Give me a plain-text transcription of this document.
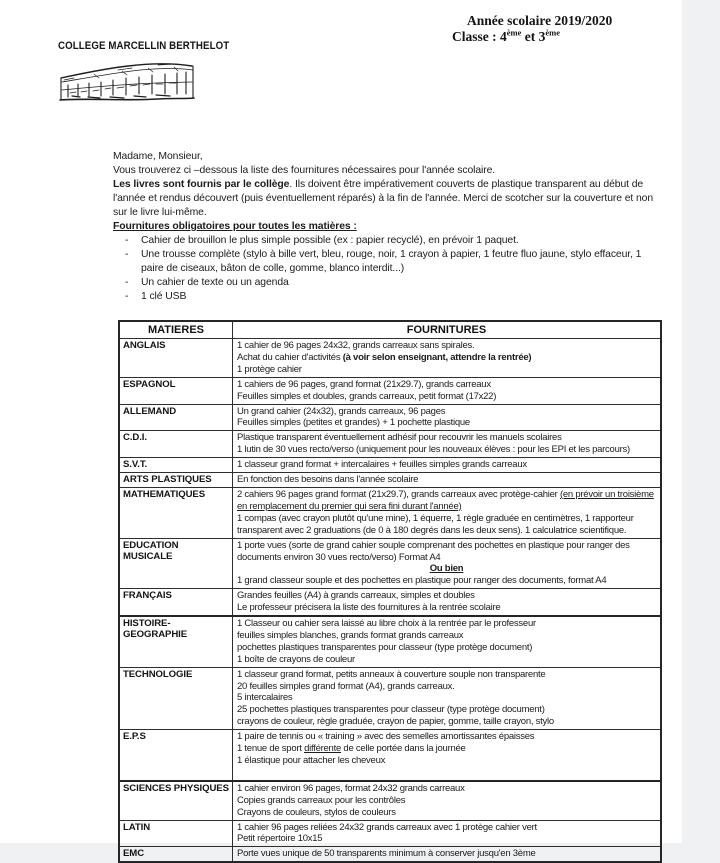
Année scolaire 2019/2020
Classe : 4ème et 3ème
COLLEGE MARCELLIN BERTHELOT

Madame, Monsieur,

Vous trouverez ci –dessous la liste des fournitures nécessaires pour l'année scolaire.

Les livres sont fournis par le collège. Ils doivent être impérativement couverts de plastique transparent au début de l'année et rendus découvert (puis éventuellement réparés) à la fin de l'année. Merci de scotcher sur la couverture et non sur le livre lui-même.

Fournitures obligatoires pour toutes les matières :

-	Cahier de brouillon le plus simple possible (ex : papier recyclé), en prévoir 1 paquet.
-	Une trousse complète (stylo à bille vert, bleu, rouge, noir, 1 crayon à papier, 1 feutre fluo jaune, stylo effaceur, 1 paire de ciseaux, bâton de colle, gomme, blanco interdit...)
-	Un cahier de texte ou un agenda
-	1 clé USB
MATIERES	FOURNITURES
ANGLAIS	1 cahier de 96 pages 24x32, grands carreaux sans spirales.
Achat du cahier d'activités (à voir selon enseignant, attendre la rentrée)
1 protège cahier

ESPAGNOL	1 cahiers de 96 pages, grand format (21x29.7), grands carreaux
Feuilles simples et doubles, grands carreaux, petit format (17x22)

ALLEMAND	Un grand cahier (24x32), grands carreaux, 96 pages
Feuilles simples (petites et grandes) + 1 pochette plastique

C.D.I.	Plastique transparent éventuellement adhésif pour recouvrir les manuels scolaires
1 lutin de 30 vues recto/verso (uniquement pour les nouveaux élèves : pour les EPI et les parcours)

S.V.T.	1 classeur grand format + intercalaires + feuilles simples grands carreaux

ARTS PLASTIQUES	En fonction des besoins dans l'année scolaire

MATHEMATIQUES	2 cahiers 96 pages grand format (21x29.7), grands carreaux avec protège-cahier (en prévoir un troisième en remplacement du premier qui sera fini durant l'année)
1 compas (avec crayon plutôt qu'une mine), 1 équerre, 1 règle graduée en centimètres, 1 rapporteur transparent avec 2 graduations (de 0 à 180 degrés dans les deux sens). 1 calculatrice scientifique.

EDUCATION MUSICALE	1 porte vues (sorte de grand cahier souple comprenant des pochettes en plastique pour ranger des documents environ 30 vues recto/verso) Format A4
Ou bien
1 grand classeur souple et des pochettes en plastique pour ranger des documents, format A4

FRANÇAIS	Grandes feuilles (A4) à grands carreaux, simples et doubles
Le professeur précisera la liste des fournitures à la rentrée scolaire

HISTOIRE-GEOGRAPHIE	1 Classeur ou cahier sera laissé au libre choix à la rentrée par le professeur
feuilles simples blanches, grands format grands carreaux
pochettes plastiques transparentes pour classeur (type protège document)
1 boîte de crayons de couleur

TECHNOLOGIE	1 classeur grand format, petits anneaux à couverture souple non transparente
20 feuilles simples grand format (A4), grands carreaux.
5 intercalaires
25 pochettes plastiques transparentes pour classeur (type protège document)
crayons de couleur, règle graduée, crayon de papier, gomme, taille crayon, stylo

E.P.S	1 paire de tennis ou « training » avec des semelles amortissantes épaisses
1 tenue de sport différente de celle portée dans la journée
1 élastique pour attacher les cheveux

SCIENCES PHYSIQUES	1 cahier environ 96 pages, format 24x32 grands carreaux
Copies grands carreaux pour les contrôles
Crayons de couleurs, stylos de couleurs

LATIN	1 cahier 96 pages reliées 24x32 grands carreaux avec 1 protège cahier vert
Petit répertoire 10x15

EMC	Porte vues unique de 50 transparents minimum à conserver jusqu'en 3ème
